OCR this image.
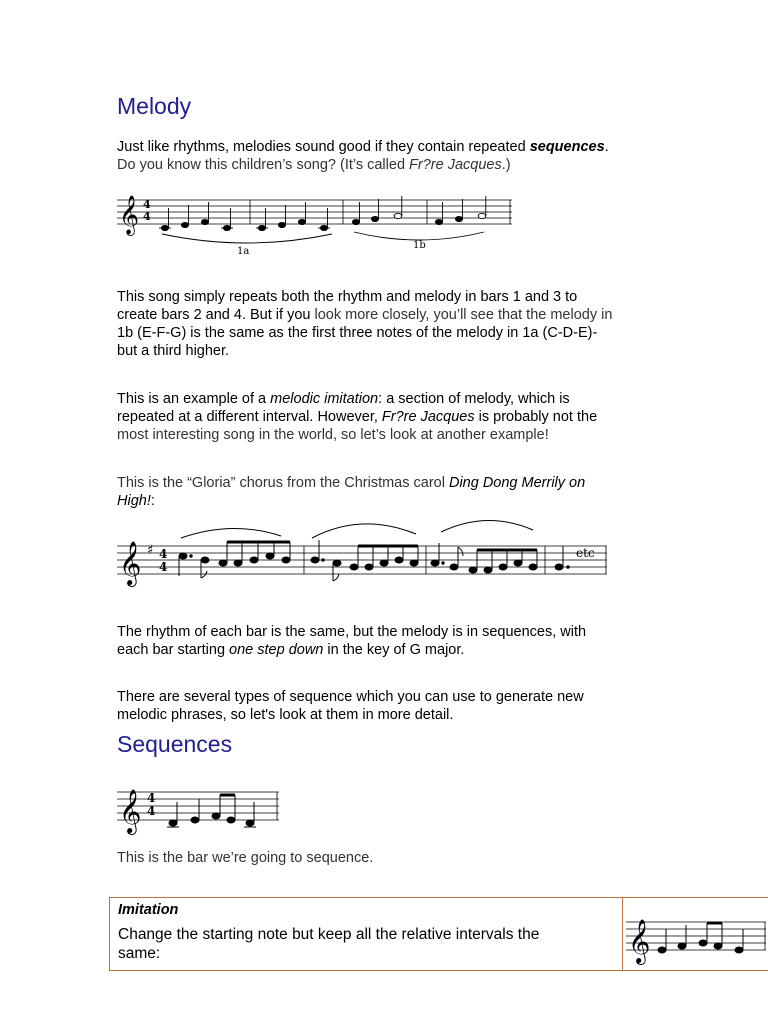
Melody

Just like rhythms, melodies sound good if they contain repeated sequences.

Do you know this children’s song? (It’s called Fr?re Jacques.)

𝄞 4
4
1a
1b

This song simply repeats both the rhythm and melody in bars 1 and 3 to

create bars 2 and 4. But if you look more closely, you’ll see that the melody in

1b (E-F-G) is the same as the first three notes of the melody in 1a (C-D-E)-

but a third higher.

This is an example of a melodic imitation: a section of melody, which is

repeated at a different interval. However, Fr?re Jacques is probably not the

most interesting song in the world, so let’s look at another example!

This is the “Gloria” chorus from the Christmas carol Ding Dong Merrily on

High!:

𝄞 ♯ 4
4
etc

The rhythm of each bar is the same, but the melody is in sequences, with

each bar starting one step down in the key of G major.

There are several types of sequence which you can use to generate new

melodic phrases, so let's look at them in more detail.

Sequences
𝄞 4
4

This is the bar we’re going to sequence.

Imitation

Change the starting note but keep all the relative intervals the
same:	𝄞
